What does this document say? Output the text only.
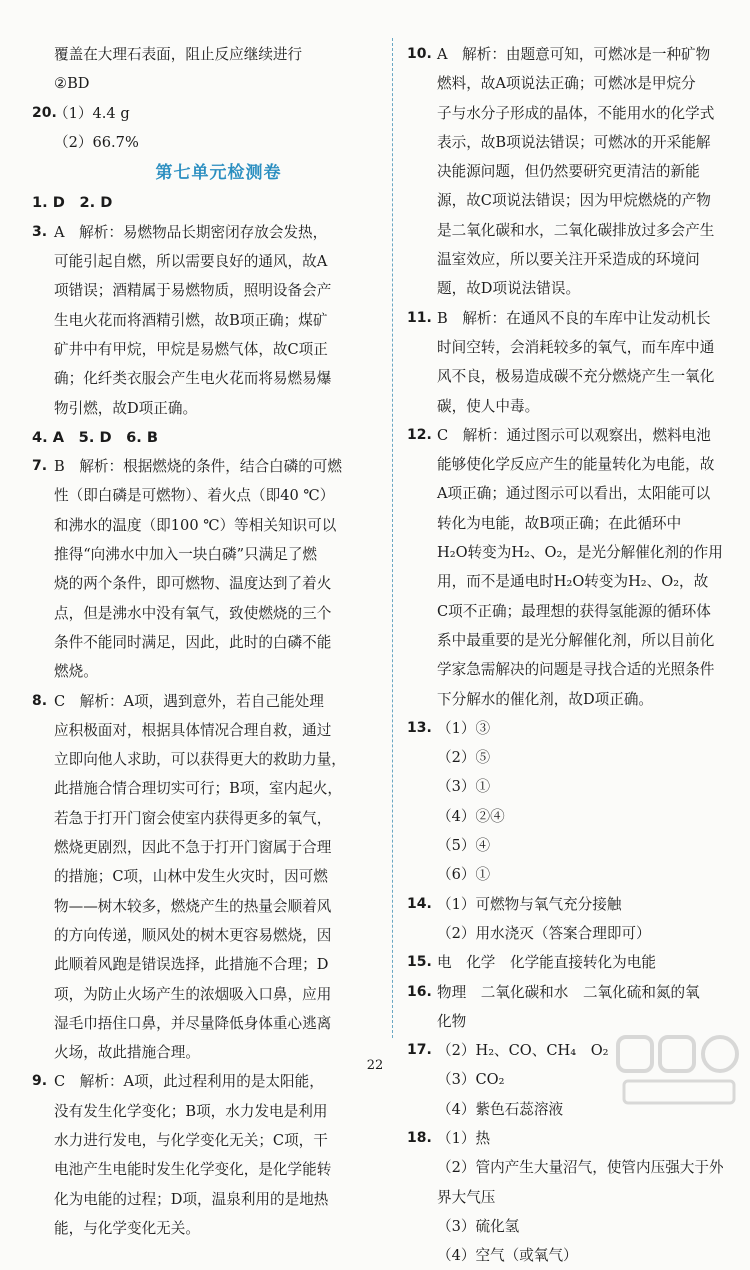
覆盖在大理石表面，阻止反应继续进行
②BD
20.
（1）4.4 g
（2）66.7%
第七单元检测卷
1. D　2. D
3. A　解析：易燃物品长期密闭存放会发热，
可能引起自燃，所以需要良好的通风，故A
项错误；酒精属于易燃物质，照明设备会产
生电火花而将酒精引燃，故B项正确；煤矿
矿井中有甲烷，甲烷是易燃气体，故C项正
确；化纤类衣服会产生电火花而将易燃易爆
物引燃，故D项正确。
4. A　5. D　6. B
7. B　解析：根据燃烧的条件，结合白磷的可燃
性（即白磷是可燃物）、着火点（即40 ℃）
和沸水的温度（即100 ℃）等相关知识可以
推得“向沸水中加入一块白磷”只满足了燃
烧的两个条件，即可燃物、温度达到了着火
点，但是沸水中没有氧气，致使燃烧的三个
条件不能同时满足，因此，此时的白磷不能
燃烧。
8. C　解析：A项，遇到意外，若自己能处理
应积极面对，根据具体情况合理自救，通过
立即向他人求助，可以获得更大的救助力量，
此措施合情合理切实可行；B项，室内起火，
若急于打开门窗会使室内获得更多的氧气，
燃烧更剧烈，因此不急于打开门窗属于合理
的措施；C项，山林中发生火灾时，因可燃
物——树木较多，燃烧产生的热量会顺着风
的方向传递，顺风处的树木更容易燃烧，因
此顺着风跑是错误选择，此措施不合理；D
项，为防止火场产生的浓烟吸入口鼻，应用
湿毛巾捂住口鼻，并尽量降低身体重心逃离
火场，故此措施合理。
9. C　解析：A项，此过程利用的是太阳能，
没有发生化学变化；B项，水力发电是利用
水力进行发电，与化学变化无关；C项，干
电池产生电能时发生化学变化，是化学能转
化为电能的过程；D项，温泉利用的是地热
能，与化学变化无关。
10. A　解析：由题意可知，可燃冰是一种矿物
燃料，故A项说法正确；可燃冰是甲烷分
子与水分子形成的晶体，不能用水的化学式
表示，故B项说法错误；可燃冰的开采能解
决能源问题，但仍然要研究更清洁的新能
源，故C项说法错误；因为甲烷燃烧的产物
是二氧化碳和水，二氧化碳排放过多会产生
温室效应，所以要关注开采造成的环境问
题，故D项说法错误。
11. B　解析：在通风不良的车库中让发动机长
时间空转，会消耗较多的氧气，而车库中通
风不良，极易造成碳不充分燃烧产生一氧化
碳，使人中毒。
12. C　解析：通过图示可以观察出，燃料电池
能够使化学反应产生的能量转化为电能，故
A项正确；通过图示可以看出，太阳能可以
转化为电能，故B项正确；在此循环中
H₂O转变为H₂、O₂，是光分解催化剂的作用
用，而不是通电时H₂O转变为H₂、O₂，故
C项不正确；最理想的获得氢能源的循环体
系中最重要的是光分解催化剂，所以目前化
学家急需解决的问题是寻找合适的光照条件
下分解水的催化剂，故D项正确。
13. （1）③
（2）⑤
（3）①
（4）②④
（5）④
（6）①
14. （1）可燃物与氧气充分接触
（2）用水浇灭（答案合理即可）
15. 电　化学　化学能直接转化为电能
16. 物理　二氧化碳和水　二氧化硫和氮的氧
化物
17. （2）H₂、CO、CH₄　O₂
（3）CO₂
（4）紫色石蕊溶液
18. （1）热
（2）管内产生大量沼气，使管内压强大于外
界大气压
（3）硫化氢
（4）空气（或氧气）
22
